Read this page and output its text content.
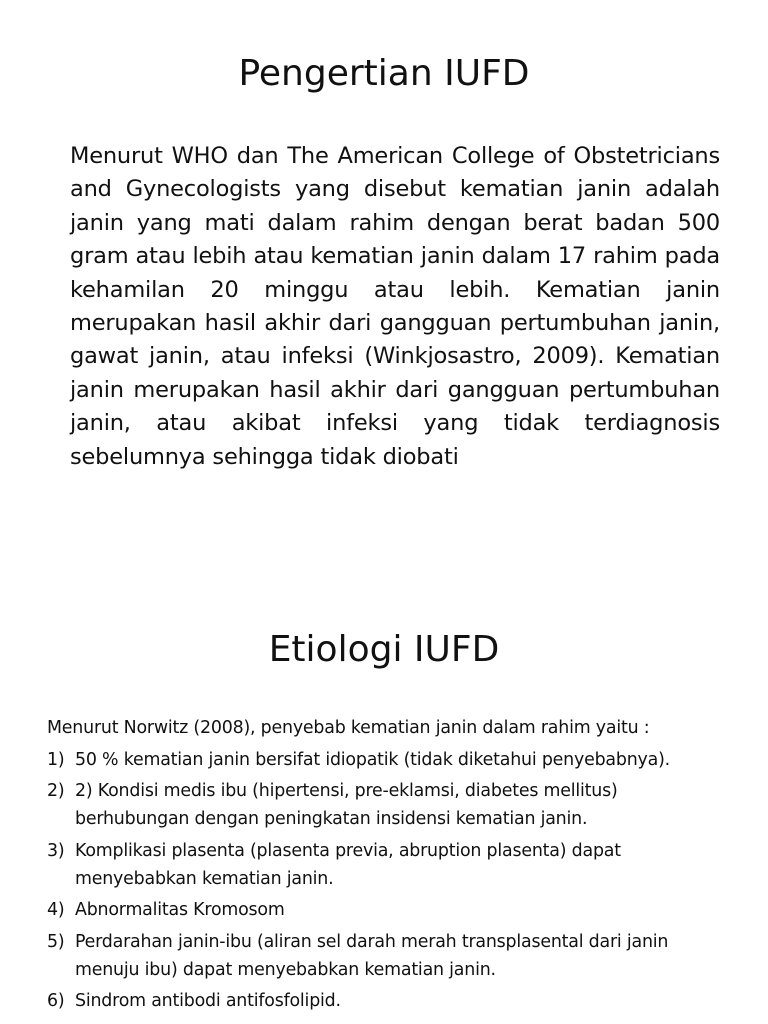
Pengertian IUFD

Menurut WHO dan The American College of Obstetricians and Gynecologists yang disebut kematian janin adalah janin yang mati dalam rahim dengan berat badan 500 gram atau lebih atau kematian janin dalam 17 rahim pada kehamilan 20 minggu atau lebih. Kematian janin merupakan hasil akhir dari gangguan pertumbuhan janin, gawat janin, atau infeksi (Winkjosastro, 2009). Kematian janin merupakan hasil akhir dari gangguan pertumbuhan janin, atau akibat infeksi yang tidak terdiagnosis sebelumnya sehingga tidak diobati

Etiologi IUFD

Menurut Norwitz (2008), penyebab kematian janin dalam rahim yaitu :

1) 50 % kematian janin bersifat idiopatik (tidak diketahui penyebabnya).
2) 2) Kondisi medis ibu (hipertensi, pre-eklamsi, diabetes mellitus) berhubungan dengan peningkatan insidensi kematian janin.
3) Komplikasi plasenta (plasenta previa, abruption plasenta) dapat menyebabkan kematian janin.
4) Abnormalitas Kromosom
5) Perdarahan janin-ibu (aliran sel darah merah transplasental dari janin menuju ibu) dapat menyebabkan kematian janin.
6) Sindrom antibodi antifosfolipid.
